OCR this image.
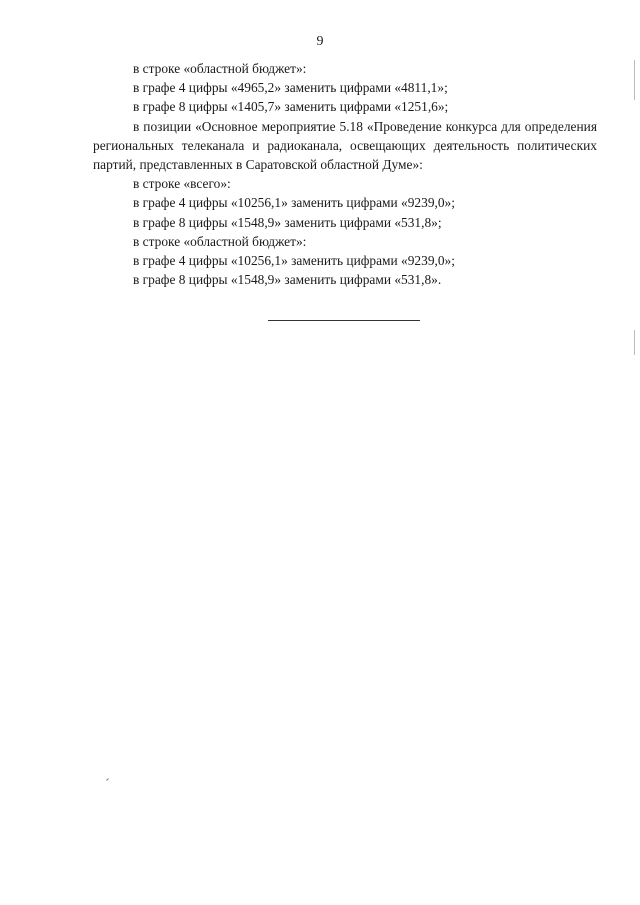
9

в строке «областной бюджет»:

в графе 4 цифры «4965,2» заменить цифрами «4811,1»;

в графе 8 цифры «1405,7» заменить цифрами «1251,6»;

в позиции «Основное мероприятие 5.18 «Проведение конкурса для определения региональных телеканала и радиоканала, освещающих деятельность политических партий, представленных в Саратовской областной Думе»:

в строке «всего»:

в графе 4 цифры «10256,1» заменить цифрами «9239,0»;

в графе 8 цифры «1548,9» заменить цифрами «531,8»;

в строке «областной бюджет»:

в графе 4 цифры «10256,1» заменить цифрами «9239,0»;

в графе 8 цифры «1548,9» заменить цифрами «531,8».
